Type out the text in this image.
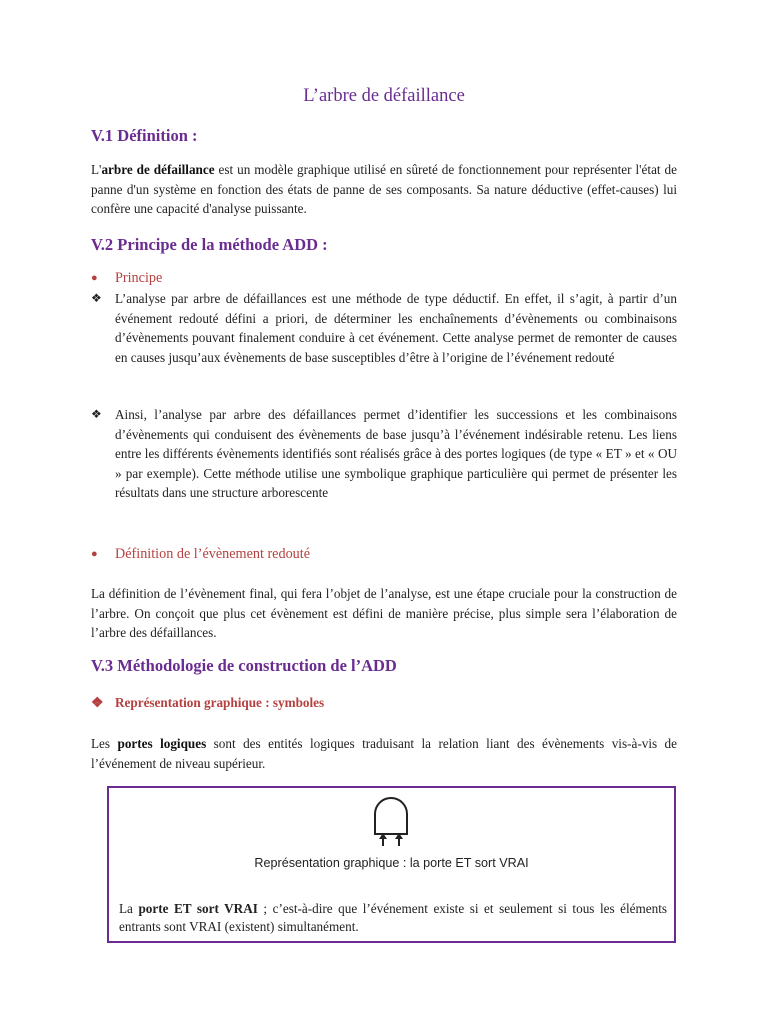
L’arbre de défaillance
V.1 Définition :
L'arbre de défaillance est un modèle graphique utilisé en sûreté de fonctionnement pour représenter l'état de panne d'un système en fonction des états de panne de ses composants. Sa nature déductive (effet-causes) lui confère une capacité d'analyse puissante.
V.2 Principe de la méthode ADD :
● Principe
❖	L’analyse par arbre de défaillances est une méthode de type déductif. En effet, il s’agit, à partir d’un événement redouté défini a priori, de déterminer les enchaînements d’évènements ou combinaisons d’évènements pouvant finalement conduire à cet événement. Cette analyse permet de remonter de causes en causes jusqu’aux évènements de base susceptibles d’être à l’origine de l’événement redouté
❖	Ainsi, l’analyse par arbre des défaillances permet d’identifier les successions et les combinaisons d’évènements qui conduisent des évènements de base jusqu’à l’événement indésirable retenu. Les liens entre les différents évènements identifiés sont réalisés grâce à des portes logiques (de type « ET » et « OU » par exemple). Cette méthode utilise une symbolique graphique particulière qui permet de présenter les résultats dans une structure arborescente
● Définition de l’évènement redouté
La définition de l’évènement final, qui fera l’objet de l’analyse, est une étape cruciale pour la construction de l’arbre. On conçoit que plus cet évènement est défini de manière précise, plus simple sera l’élaboration de l’arbre des défaillances.
V.3 Méthodologie de construction de l’ADD
❖ Représentation graphique : symboles
Les portes logiques sont des entités logiques traduisant la relation liant des évènements vis-à-vis de l’événement de niveau supérieur.
Représentation graphique : la porte ET sort VRAI
La porte ET sort VRAI ; c’est-à-dire que l’événement existe si et seulement si tous les éléments entrants sont VRAI (existent) simultanément.
